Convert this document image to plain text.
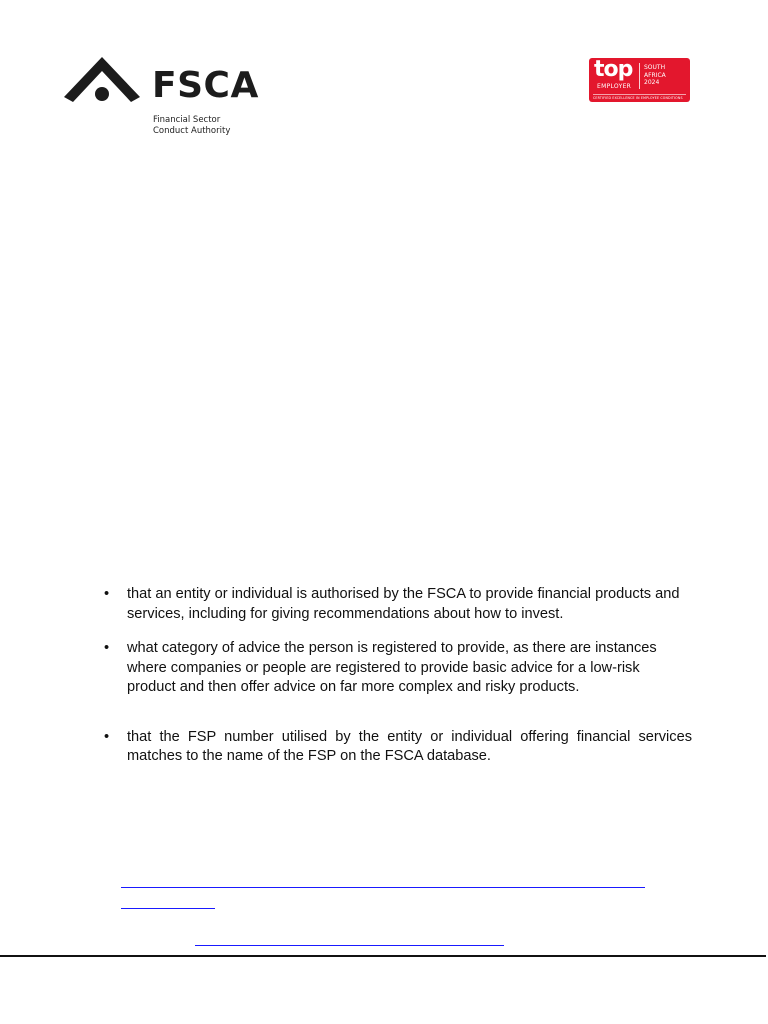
FSCA
Financial Sector
Conduct Authority
top
EMPLOYER
SOUTH
AFRICA
2024
CERTIFIED EXCELLENCE IN EMPLOYEE CONDITIONS
• that an entity or individual is authorised by the FSCA to provide financial products and services, including for giving recommendations about how to invest.
• what category of advice the person is registered to provide, as there are instances where companies or people are registered to provide basic advice for a low-risk product and then offer advice on far more complex and risky products.
• that the FSP number utilised by the entity or individual offering financial services matches to the name of the FSP on the FSCA database.
